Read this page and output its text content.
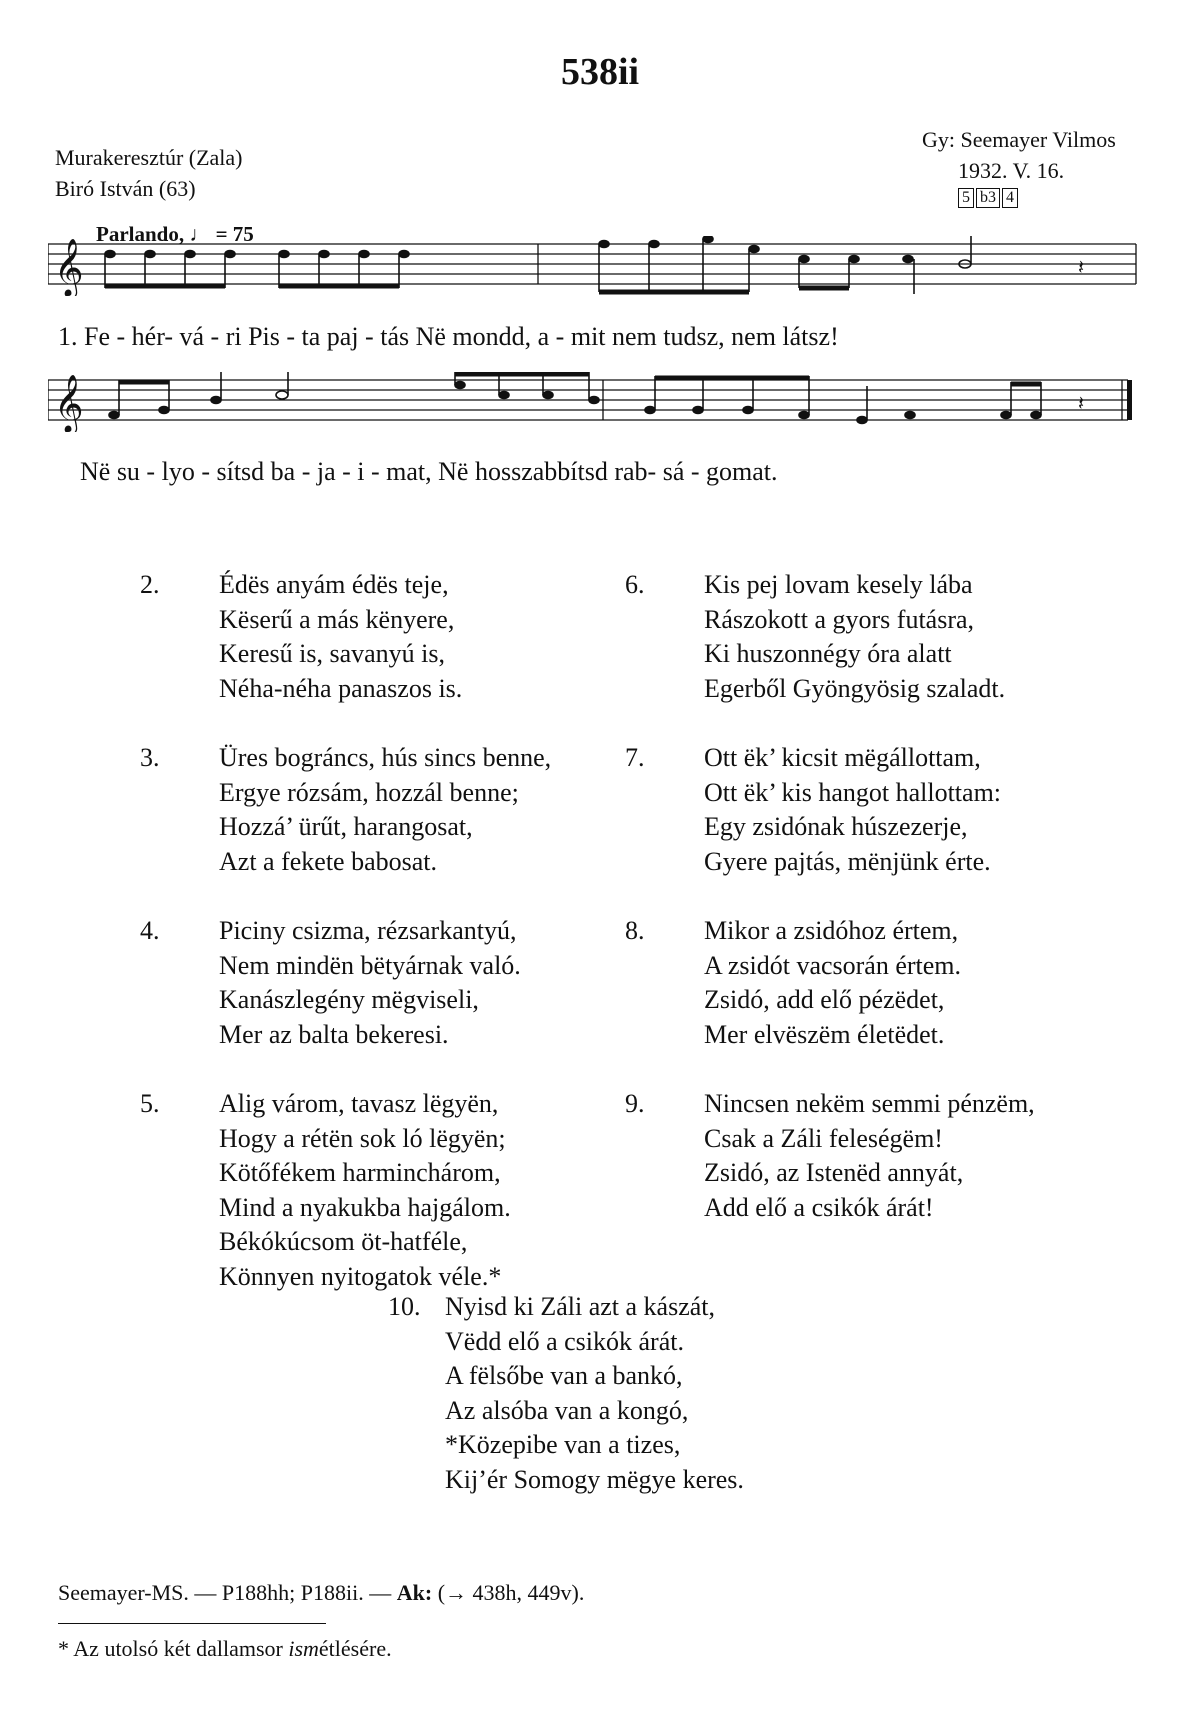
538ii
Murakeresztúr (Zala)
Biró István (63)
Gy: Seemayer Vilmos
1932. V. 16.
5 b3 4
Parlando, ♩ = 75
𝄞	𝄽
1. Fe - hér- vá - ri Pis - ta paj - tás Në mondd, a - mit nem tudsz, nem látsz!
𝄞	𝄽
Në su - lyo - sítsd ba - ja - i - mat, Në hosszabbítsd rab- sá - gomat.
2. Édës anyám édës teje,
Këserű a más këny​ere,
Keresű is, savanyú is,
Néha-néha panaszos is.
3. Üres bográncs, hús sincs benne,
Ergye rózsám, hozzál benne;
Hozzá’ ürűt, harangosat,
Azt a fekete babosat.
4. Piciny csizma, rézsarkantyú,
Nem mindën bëtyárnak való.
Kanászlegény mëgviseli,
Mer az balta bekeresi.
5. Alig várom, tavasz lëgyën,
Hogy a rétën sok ló lëgyën;
Kötőfékem harminchárom,
Mind a nyakukba hajgálom.
Békókúcsom öt-hatféle,
Könnyen nyitogatok véle.*
6. Kis pej lovam kesely lába
Rászokott a gyors futásra,
Ki huszonnégy óra alatt
Egerből Gyöngyösig szaladt.
7. Ott ëk’ kicsit mëgállottam,
Ott ëk’ kis hangot hallottam:
Egy zsidónak húszezerje,
Gyere pajtás, mënjünk érte.
8. Mikor a zsidóhoz értem,
A zsidót vacsorán értem.
Zsidó, add elő pézëdet,
Mer elvëszëm életëdet.
9. Nincsen nekëm semmi pénzëm,
Csak a Záli feleségëm!
Zsidó, az Istenëd annyát,
Add elő a csikók árát!
10. Nyisd ki Záli azt a kászát,
Vëdd elő a csikók árát.
A fëlsőbe van a bankó,
Az alsóba van a kongó,
*Közepibe van a tizes,
Kij’ér Somogy mëgye keres.
Seemayer-MS. — P188hh; P188ii. — Ak: (→ 438h, 449v).
* Az utolsó két dallamsor ismétlésére.
